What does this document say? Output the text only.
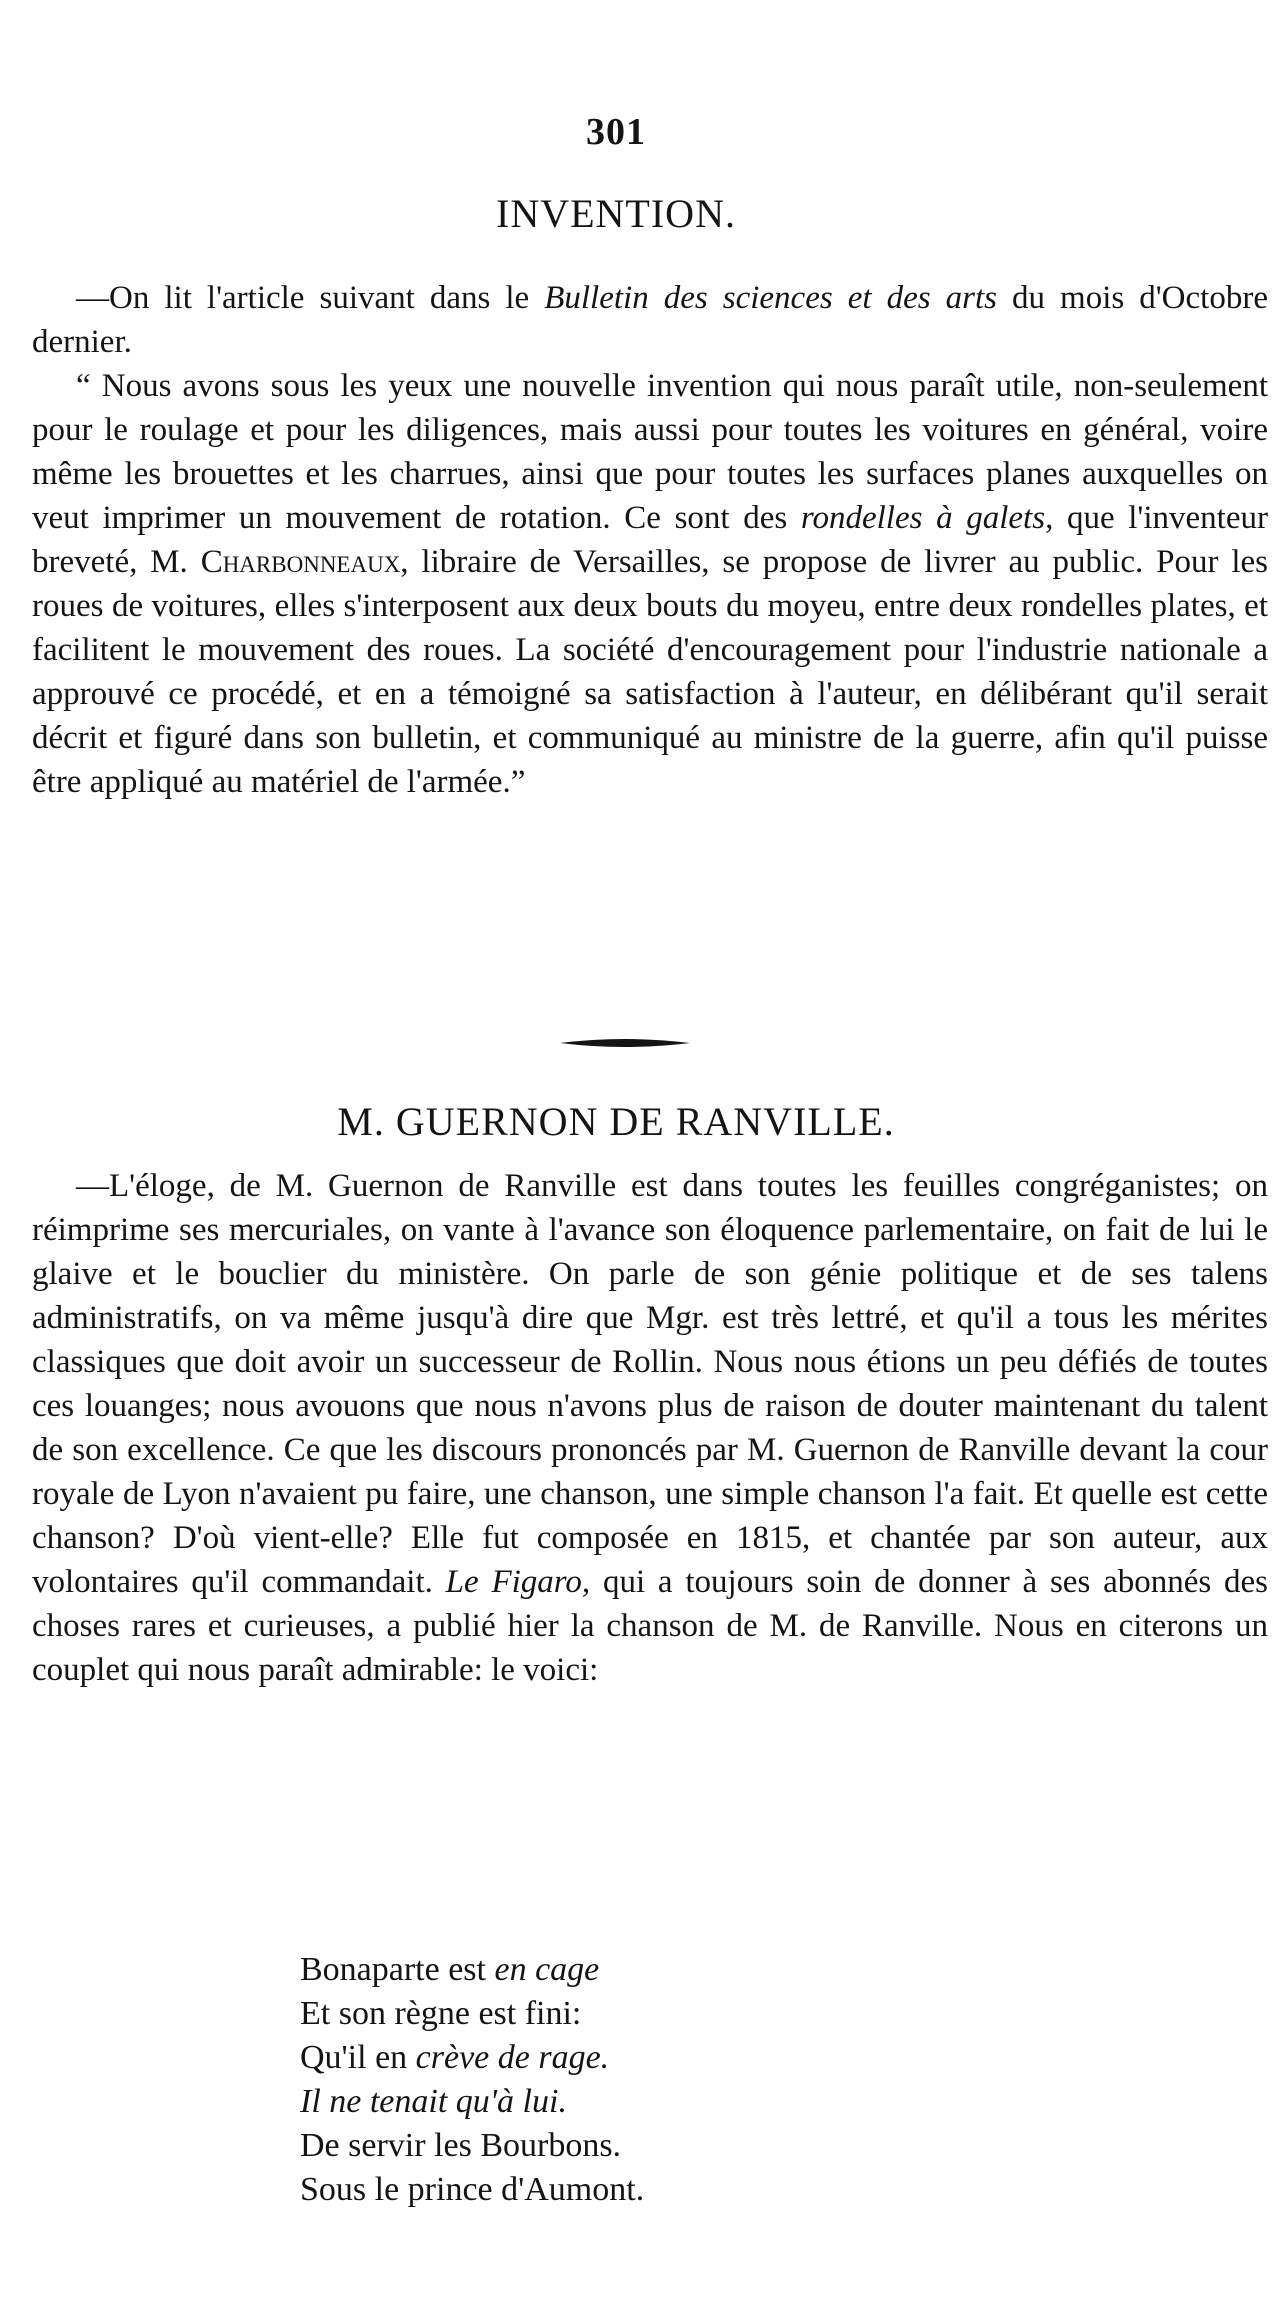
301
INVENTION.

—On lit l'article suivant dans le Bulletin des sciences et des arts du mois d'Octobre dernier.

“ Nous avons sous les yeux une nouvelle invention qui nous paraît utile, non-seulement pour le roulage et pour les diligences, mais aussi pour toutes les voitures en général, voire même les brouettes et les charrues, ainsi que pour toutes les surfaces planes auxquelles on veut imprimer un mouvement de rotation. Ce sont des rondelles à galets, que l'inventeur breveté, M. Charbonneaux, libraire de Versailles, se propose de livrer au public. Pour les roues de voitures, elles s'interposent aux deux bouts du moyeu, entre deux rondelles plates, et facilitent le mouvement des roues. La société d'encouragement pour l'industrie nationale a approuvé ce procédé, et en a témoigné sa satisfaction à l'auteur, en délibérant qu'il serait décrit et figuré dans son bulletin, et communiqué au ministre de la guerre, afin qu'il puisse être appliqué au matériel de l'armée.”

M. GUERNON DE RANVILLE.

—L'éloge, de M. Guernon de Ranville est dans toutes les feuilles congréganistes; on réimprime ses mercuriales, on vante à l'avance son éloquence parlementaire, on fait de lui le glaive et le bouclier du ministère. On parle de son génie politique et de ses talens administratifs, on va même jusqu'à dire que Mgr. est très lettré, et qu'il a tous les mérites classiques que doit avoir un successeur de Rollin. Nous nous étions un peu défiés de toutes ces louanges; nous avouons que nous n'avons plus de raison de douter maintenant du talent de son excellence. Ce que les discours prononcés par M. Guernon de Ranville devant la cour royale de Lyon n'avaient pu faire, une chanson, une simple chanson l'a fait. Et quelle est cette chanson? D'où vient-elle? Elle fut composée en 1815, et chantée par son auteur, aux volontaires qu'il commandait. Le Figaro, qui a toujours soin de donner à ses abonnés des choses rares et curieuses, a publié hier la chanson de M. de Ranville. Nous en citerons un couplet qui nous paraît admirable: le voici:

Bonaparte est en cage
Et son règne est fini:
Qu'il en crève de rage.
Il ne tenait qu'à lui.
De servir les Bourbons.
Sous le prince d'Aumont.
